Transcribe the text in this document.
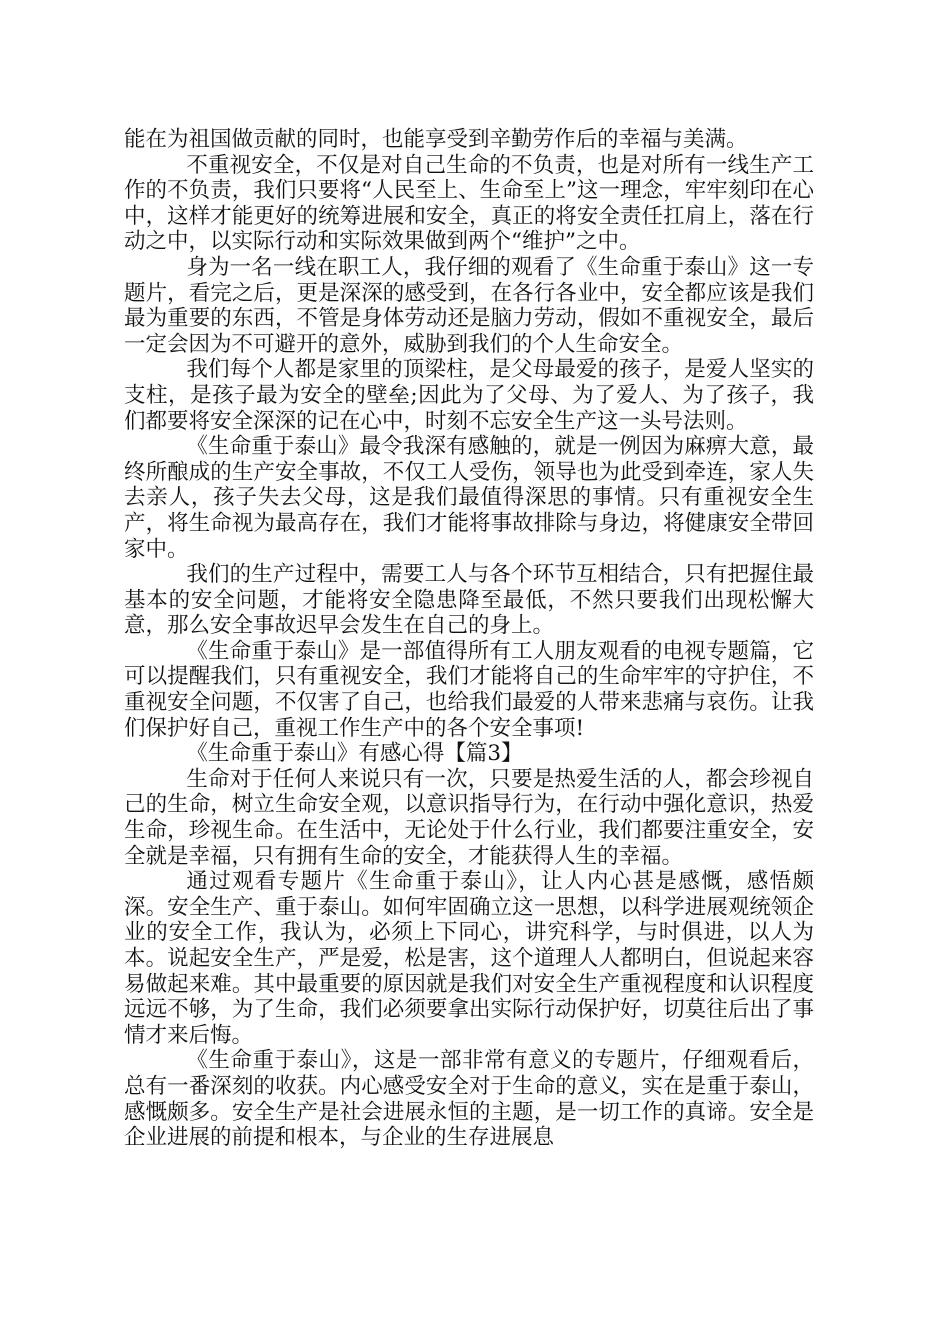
能在为祖国做贡献的同时，也能享受到辛勤劳作后的幸福与美满。

不重视安全，不仅是对自己生命的不负责，也是对所有一线生产工作的不负责，我们只要将“人民至上、生命至上”这一理念，牢牢刻印在心中，这样才能更好的统筹进展和安全，真正的将安全责任扛肩上，落在行动之中，以实际行动和实际效果做到两个“维护”之中。

身为一名一线在职工人，我仔细的观看了《生命重于泰山》这一专题片，看完之后，更是深深的感受到，在各行各业中，安全都应该是我们最为重要的东西，不管是身体劳动还是脑力劳动，假如不重视安全，最后一定会因为不可避开的意外，威胁到我们的个人生命安全。

我们每个人都是家里的顶梁柱，是父母最爱的孩子，是爱人坚实的支柱，是孩子最为安全的壁垒;因此为了父母、为了爱人、为了孩子，我们都要将安全深深的记在心中，时刻不忘安全生产这一头号法则。

《生命重于泰山》最令我深有感触的，就是一例因为麻痹大意，最终所酿成的生产安全事故，不仅工人受伤，领导也为此受到牵连，家人失去亲人，孩子失去父母，这是我们最值得深思的事情。只有重视安全生产，将生命视为最高存在，我们才能将事故排除与身边，将健康安全带回家中。

我们的生产过程中，需要工人与各个环节互相结合，只有把握住最基本的安全问题，才能将安全隐患降至最低，不然只要我们出现松懈大意，那么安全事故迟早会发生在自己的身上。

《生命重于泰山》是一部值得所有工人朋友观看的电视专题篇，它可以提醒我们，只有重视安全，我们才能将自己的生命牢牢的守护住，不重视安全问题，不仅害了自己，也给我们最爱的人带来悲痛与哀伤。让我们保护好自己，重视工作生产中的各个安全事项!

《生命重于泰山》有感心得【篇3】

生命对于任何人来说只有一次，只要是热爱生活的人，都会珍视自己的生命，树立生命安全观，以意识指导行为，在行动中强化意识，热爱生命，珍视生命。在生活中，无论处于什么行业，我们都要注重安全，安全就是幸福，只有拥有生命的安全，才能获得人生的幸福。

通过观看专题片《生命重于泰山》，让人内心甚是感慨，感悟颇深。安全生产、重于泰山。如何牢固确立这一思想，以科学进展观统领企业的安全工作，我认为，必须上下同心，讲究科学，与时俱进，以人为本。说起安全生产，严是爱，松是害，这个道理人人都明白，但说起来容易做起来难。其中最重要的原因就是我们对安全生产重视程度和认识程度远远不够，为了生命，我们必须要拿出实际行动保护好，切莫往后出了事情才来后悔。

《生命重于泰山》，这是一部非常有意义的专题片，仔细观看后，总有一番深刻的收获。内心感受安全对于生命的意义，实在是重于泰山，感慨颇多。安全生产是社会进展永恒的主题，是一切工作的真谛。安全是企业进展的前提和根本，与企业的生存进展息
